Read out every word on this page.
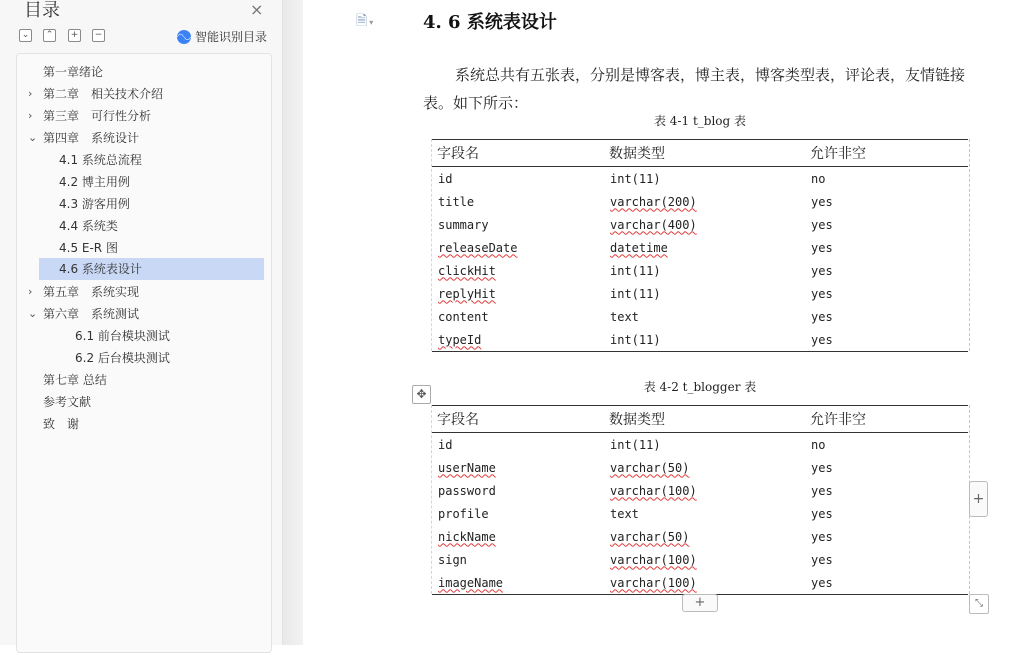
目录	×
⌄	⌃	+	−	◠◡ 智能识别目录
第一章绪论
› 第二章　相关技术介绍
› 第三章　可行性分析
⌄ 第四章　系统设计
4.1 系统总流程
4.2 博主用例
4.3 游客用例
4.4 系统类
4.5 E-R 图
4.6 系统表设计
› 第五章　系统实现
⌄ 第六章　系统测试
6.1 前台模块测试
6.2 后台模块测试
第七章 总结
参考文献
致　谢
🗎 ▾	4. 6 系统表设计
系统总共有五张表，分别是博客表，博主表，博客类型表，评论表，友情链接表。如下所示：
表 4-1 t_blog 表
字段名	数据类型	允许非空
id	int(11)	no
title	varchar(200)	yes
summary	varchar(400)	yes
releaseDate	datetime	yes
clickHit	int(11)	yes
replyHit	int(11)	yes
content	text	yes
typeId	int(11)	yes
表 4-2 t_blogger 表
✥
字段名	数据类型	允许非空
id	int(11)	no
userName	varchar(50)	yes
password	varchar(100)	yes
profile	text	yes
nickName	varchar(50)	yes
sign	varchar(100)	yes
imageName	varchar(100)	yes
+
+	⤡
